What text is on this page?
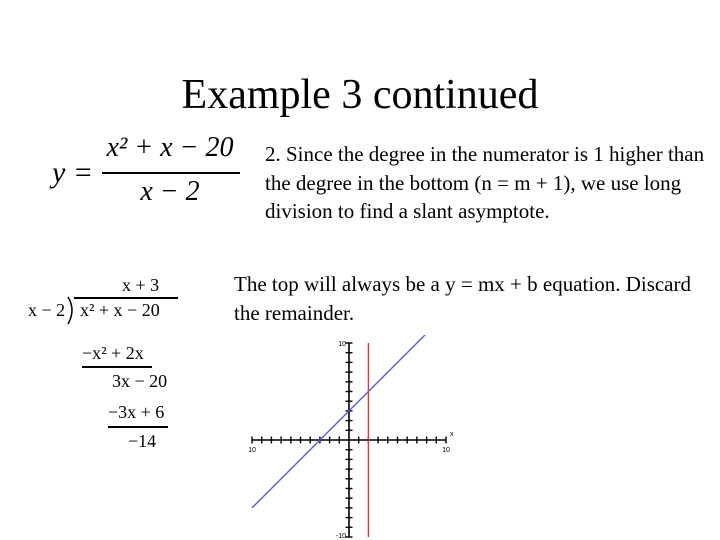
Example 3 continued
y =
x² + x − 20
x − 2
2. Since the degree in the numerator is 1 higher than the degree in the bottom (n = m + 1), we use long division to find a slant asymptote.
The top will always be a y = mx + b equation. Discard the remainder.
x + 3
x − 2 x² + x − 20
−x² + 2x
3x − 20
−3x + 6
−14	10	10
10
-10
x
